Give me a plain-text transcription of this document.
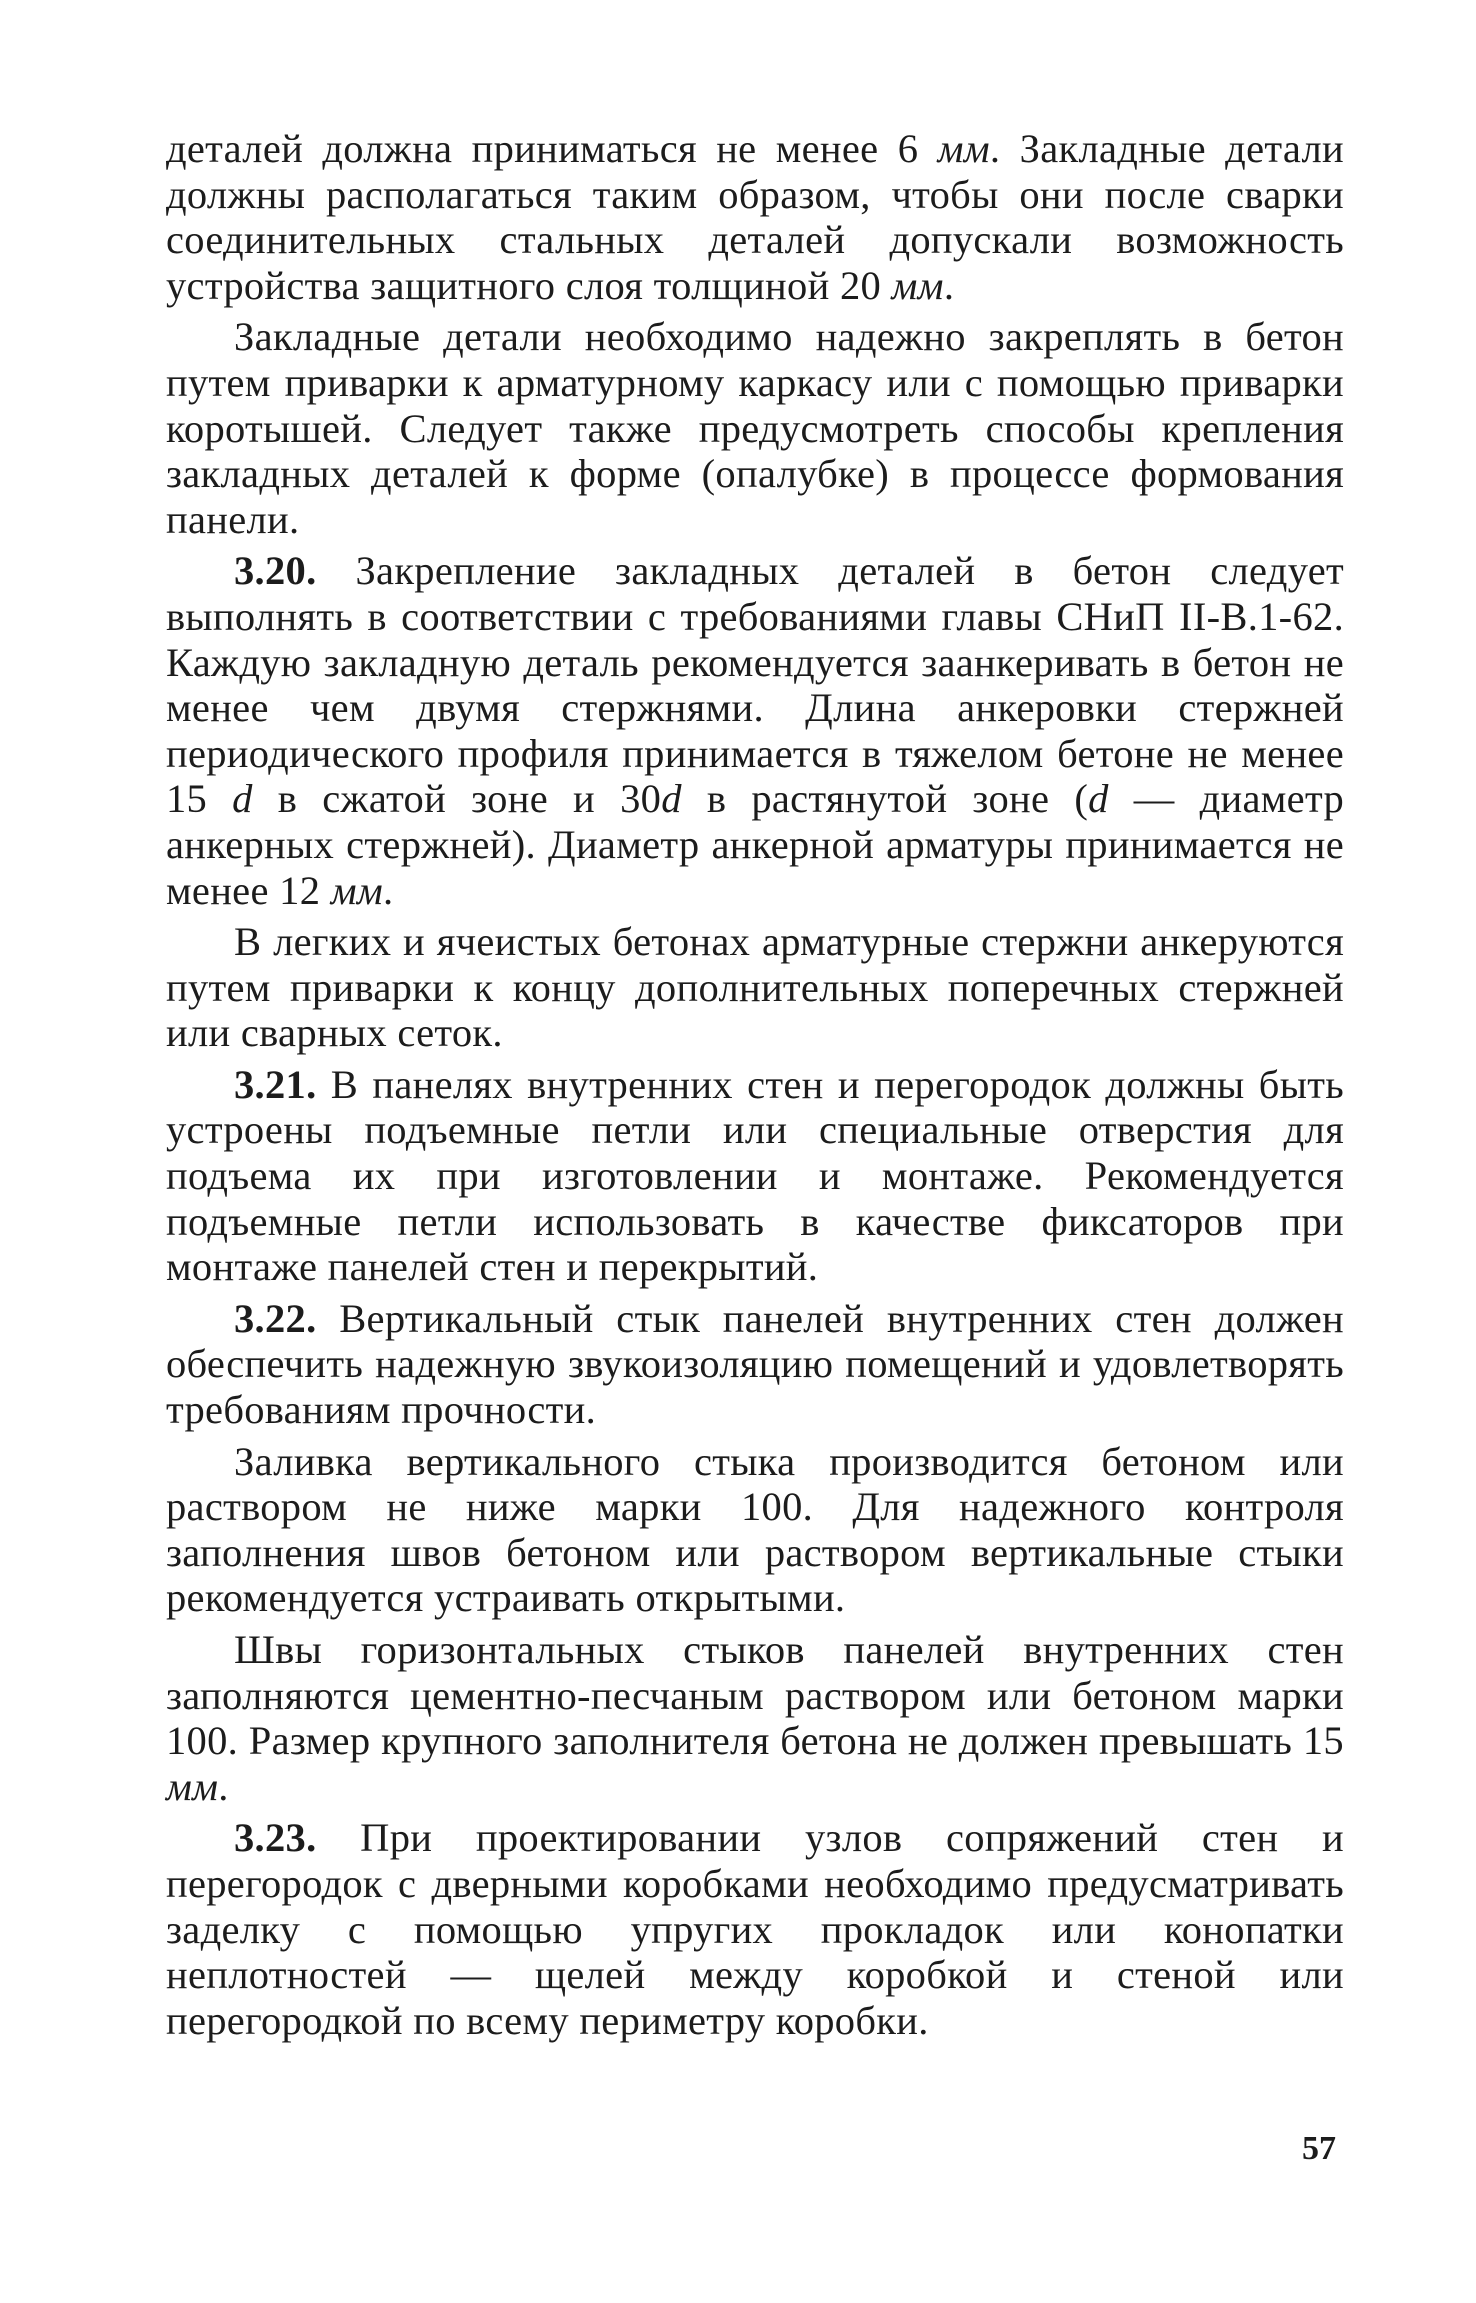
деталей должна приниматься не менее 6 мм. Закладные детали должны располагаться таким образом, чтобы они после сварки соединительных стальных деталей допускали возможность устройства защитного слоя толщиной 20 мм.

Закладные детали необходимо надежно закреплять в бетон путем приварки к арматурному каркасу или с помощью приварки коротышей. Следует также предусмотреть способы крепления закладных деталей к форме (опалубке) в процессе формования панели.

3.20. Закрепление закладных деталей в бетон следует выполнять в соответствии с требованиями главы СНиП II-В.1-62. Каждую закладную деталь рекомендуется заанкеривать в бетон не менее чем двумя стержнями. Длина анкеровки стержней периодического профиля принимается в тяжелом бетоне не менее 15 d в сжатой зоне и 30d в растянутой зоне (d — диаметр анкерных стержней). Диаметр анкерной арматуры принимается не менее 12 мм.

В легких и ячеистых бетонах арматурные стержни анкеруются путем приварки к концу дополнительных поперечных стержней или сварных сеток.

3.21. В панелях внутренних стен и перегородок должны быть устроены подъемные петли или специальные отверстия для подъема их при изготовлении и монтаже. Рекомендуется подъемные петли использовать в качестве фиксаторов при монтаже панелей стен и перекрытий.

3.22. Вертикальный стык панелей внутренних стен должен обеспечить надежную звукоизоляцию помещений и удовлетворять требованиям прочности.

Заливка вертикального стыка производится бетоном или раствором не ниже марки 100. Для надежного контроля заполнения швов бетоном или раствором вертикальные стыки рекомендуется устраивать открытыми.

Швы горизонтальных стыков панелей внутренних стен заполняются цементно-песчаным раствором или бетоном марки 100. Размер крупного заполнителя бетона не должен превышать 15 мм.

3.23. При проектировании узлов сопряжений стен и перегородок с дверными коробками необходимо предусматривать заделку с помощью упругих прокладок или конопатки неплотностей — щелей между коробкой и стеной или перегородкой по всему периметру коробки.

57
